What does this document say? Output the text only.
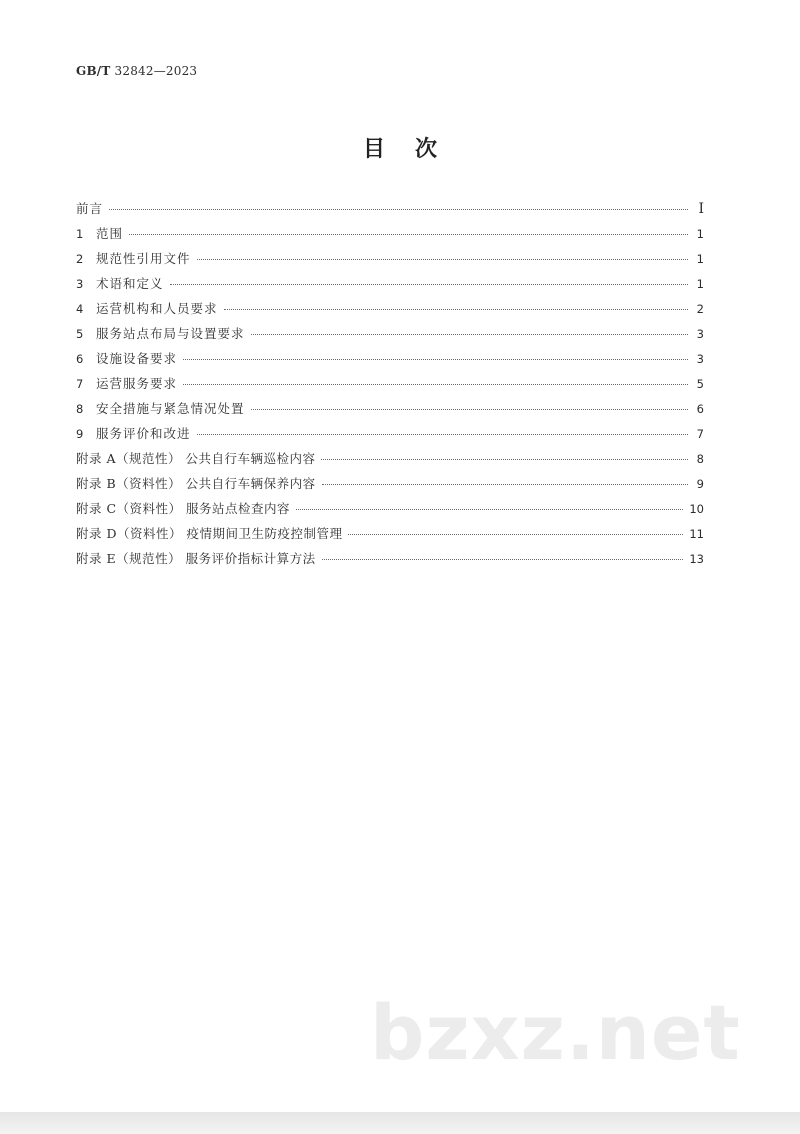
GB/T 32842—2023
目次
前言	Ⅰ
1	范围	1
2	规范性引用文件	1
3	术语和定义	1
4	运营机构和人员要求	2
5	服务站点布局与设置要求	3
6	设施设备要求	3
7	运营服务要求	5
8	安全措施与紧急情况处置	6
9	服务评价和改进	7
附录 A（规范性） 公共自行车辆巡检内容	8
附录 B（资料性） 公共自行车辆保养内容	9
附录 C（资料性） 服务站点检查内容	10
附录 D（资料性） 疫情期间卫生防疫控制管理	11
附录 E（规范性） 服务评价指标计算方法	13
bzxz.net
